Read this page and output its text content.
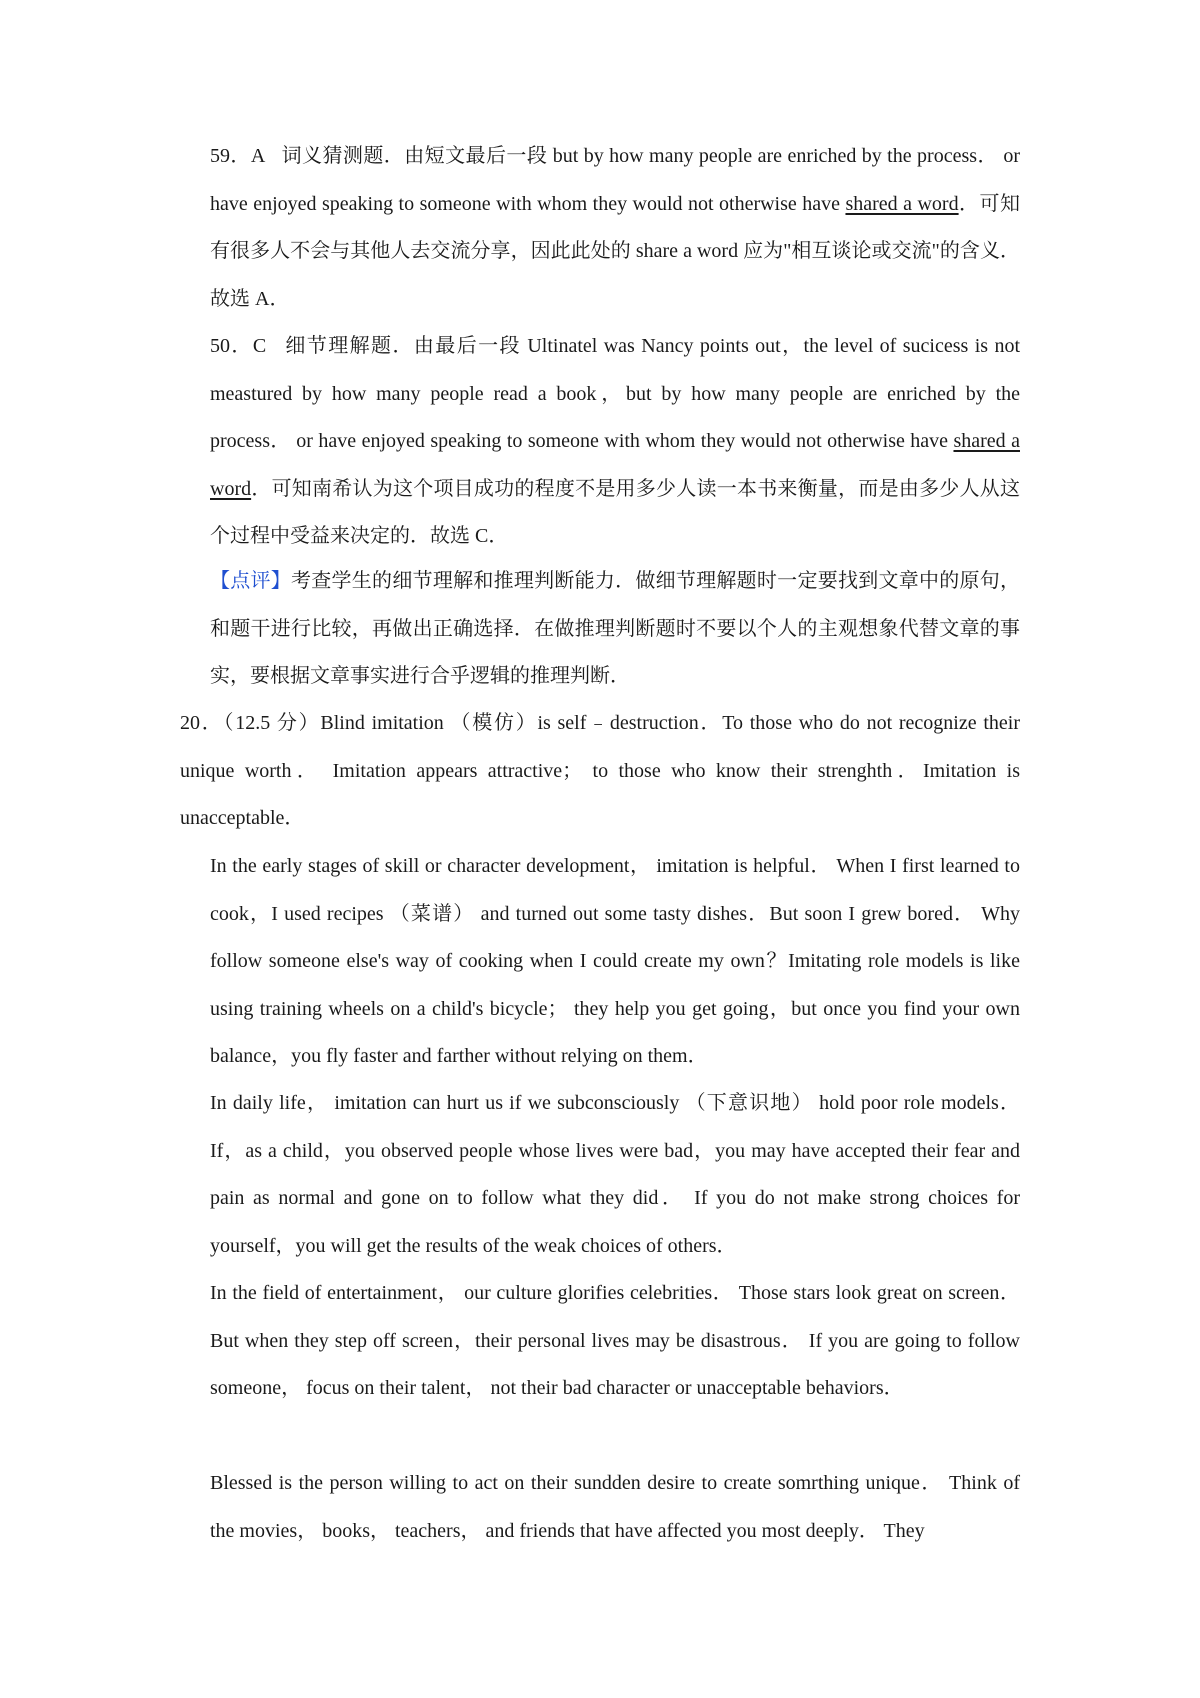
59．A 词义猜测题．由短文最后一段 but by how many people are enriched by the process． or have enjoyed speaking to someone with whom they would not otherwise have shared a word．可知有很多人不会与其他人去交流分享，因此此处的 share a word 应为"相互谈论或交流"的含义．故选 A．

50．C 细节理解题．由最后一段 Ultinatel was Nancy points out，the level of sucicess is not meastured by how many people read a book，but by how many people are enriched by the process． or have enjoyed speaking to someone with whom they would not otherwise have shared a word．可知南希认为这个项目成功的程度不是用多少人读一本书来衡量，而是由多少人从这个过程中受益来决定的．故选 C．

【点评】考查学生的细节理解和推理判断能力．做细节理解题时一定要找到文章中的原句，和题干进行比较，再做出正确选择．在做推理判断题时不要以个人的主观想象代替文章的事实，要根据文章事实进行合乎逻辑的推理判断．

20．（12.5 分）Blind imitation （模仿）is self﹣destruction．To those who do not recognize their unique worth． Imitation appears attractive； to those who know their strenghth．Imitation is unacceptable．

In the early stages of skill or character development， imitation is helpful． When I first learned to cook，I used recipes （菜谱） and turned out some tasty dishes．But soon I grew bored． Why follow someone else's way of cooking when I could create my own？Imitating role models is like using training wheels on a child's bicycle； they help you get going，but once you find your own balance，you fly faster and farther without relying on them．

In daily life， imitation can hurt us if we subconsciously （下意识地） hold poor role models． If，as a child，you observed people whose lives were bad，you may have accepted their fear and pain as normal and gone on to follow what they did． If you do not make strong choices for yourself，you will get the results of the weak choices of others．

In the field of entertainment， our culture glorifies celebrities． Those stars look great on screen． But when they step off screen，their personal lives may be disastrous． If you are going to follow someone， focus on their talent， not their bad character or unacceptable behaviors．

Blessed is the person willing to act on their sundden desire to create somrthing unique． Think of the movies， books， teachers， and friends that have affected you most deeply． They
